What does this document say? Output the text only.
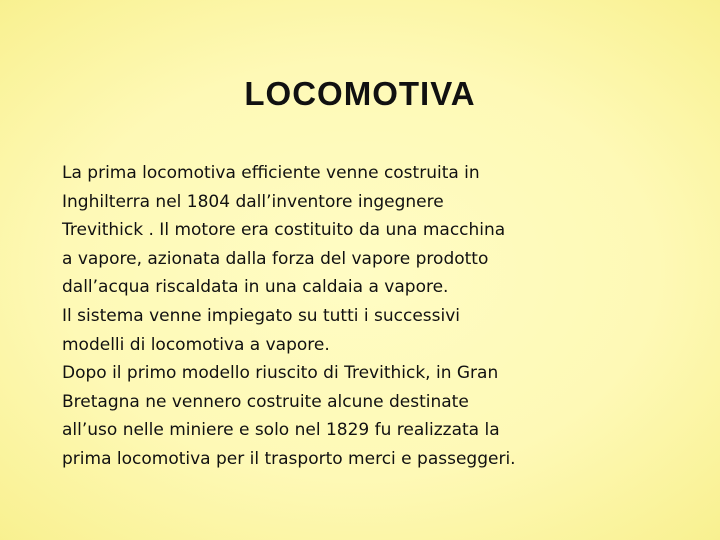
LOCOMOTIVA
La prima locomotiva efficiente venne costruita in
Inghilterra nel 1804 dall’inventore ingegnere
Trevithick . Il motore era costituito da una macchina
a vapore, azionata dalla forza del vapore prodotto
dall’acqua riscaldata in una caldaia a vapore.
Il sistema venne impiegato su tutti i successivi
modelli di locomotiva a vapore.
Dopo il primo modello riuscito di Trevithick, in Gran
Bretagna ne vennero costruite alcune destinate
all’uso nelle miniere e solo nel 1829 fu realizzata la
prima locomotiva per il trasporto merci e passeggeri.
